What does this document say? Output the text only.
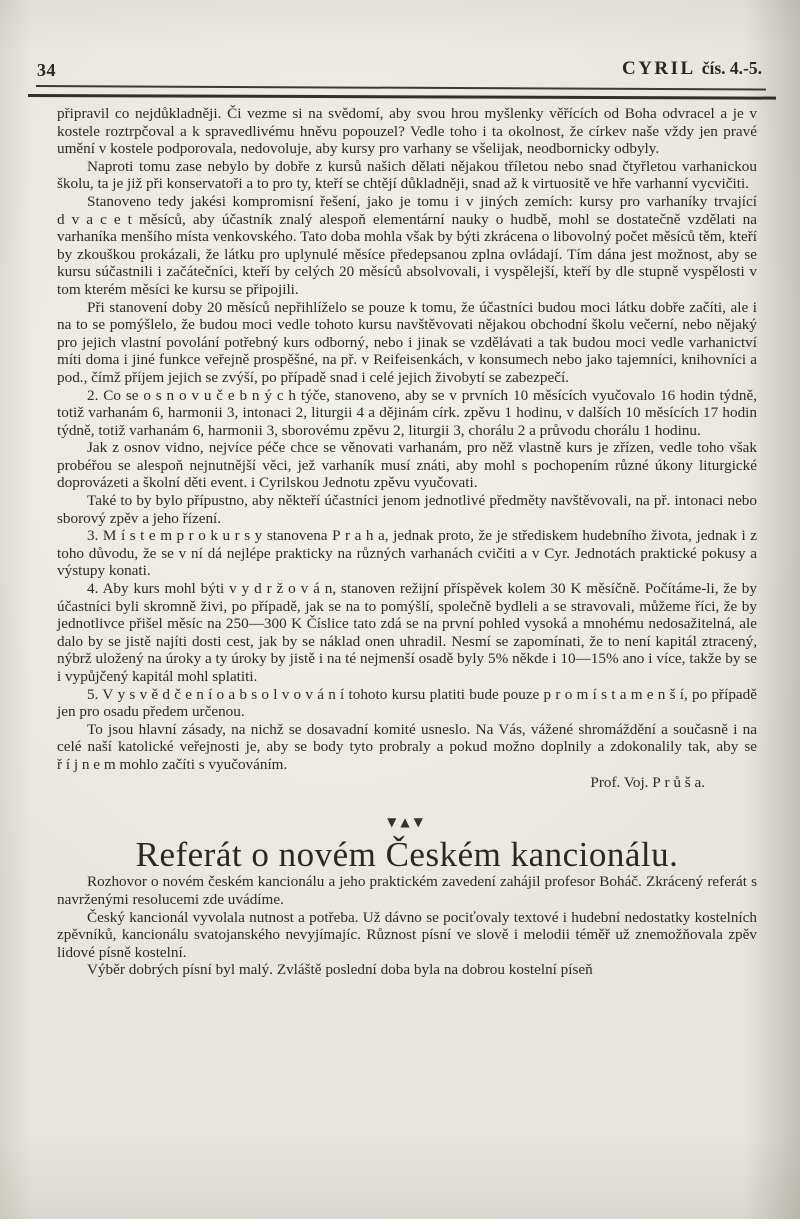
34	CYRIL čís. 4.-5.

připravil co nejdůkladněji. Či vezme si na svědomí, aby svou hrou myšlenky věřících od Boha odvracel a je v kostele roztrpčoval a k spravedlivému hněvu popouzel? Vedle toho i ta okolnost, že církev naše vždy jen pravé umění v kostele podporovala, nedovoluje, aby kursy pro varhany se všelijak, neodbornicky odbyly.

Naproti tomu zase nebylo by dobře z kursů našich dělati nějakou tříletou nebo snad čtyřletou varhanickou školu, ta je již při konservatoři a to pro ty, kteří se chtějí důkladněji, snad až k virtuositě ve hře varhanní vycvičiti.

Stanoveno tedy jakési kompromisní řešení, jako je tomu i v jiných zemích: kursy pro varhaníky trvající d v a c e t měsíců, aby účastník znalý alespoň elementární nauky o hudbě, mohl se dostatečně vzdělati na varhaníka menšího místa venkovského. Tato doba mohla však by býti zkrácena o libovolný počet měsíců těm, kteří by zkouškou prokázali, že látku pro uplynulé měsíce předepsanou zplna ovládají. Tím dána jest možnost, aby se kursu súčastnili i začátečníci, kteří by celých 20 měsíců absolvovali, i vyspělejší, kteří by dle stupně vyspělosti v tom kterém měsíci ke kursu se připojili.

Při stanovení doby 20 měsíců nepřihlíželo se pouze k tomu, že účastníci budou moci látku dobře začíti, ale i na to se pomýšlelo, že budou moci vedle tohoto kursu navštěvovati nějakou obchodní školu večerní, nebo nějaký pro jejich vlastní povolání potřebný kurs odborný, nebo i jinak se vzdělávati a tak budou moci vedle varhanictví míti doma i jiné funkce veřejně prospěšné, na př. v Reifeisenkách, v konsumech nebo jako tajemníci, knihovníci a pod., čímž příjem jejich se zvýší, po případě snad i celé jejich živobytí se zabezpečí.

2. Co se o s n o v u č e b n ý c h týče, stanoveno, aby se v prvních 10 měsících vyučovalo 16 hodin týdně, totiž varhanám 6, harmonii 3, intonaci 2, liturgii 4 a dějinám círk. zpěvu 1 hodinu, v dalších 10 měsících 17 hodin týdně, totiž varhanám 6, harmonii 3, sborovému zpěvu 2, liturgii 3, chorálu 2 a průvodu chorálu 1 hodinu.

Jak z osnov vidno, nejvíce péče chce se věnovati varhanám, pro něž vlastně kurs je zřízen, vedle toho však probéřou se alespoň nejnutnější věci, jež varhaník musí znáti, aby mohl s pochopením různé úkony liturgické doprovázeti a školní děti event. i Cyrilskou Jednotu zpěvu vyučovati.

Také to by bylo přípustno, aby někteří účastníci jenom jednotlivé předměty navštěvovali, na př. intonaci nebo sborový zpěv a jeho řízení.

3. M í s t e m p r o k u r s y stanovena P r a h a, jednak proto, že je střediskem hudebního života, jednak i z toho důvodu, že se v ní dá nejlépe prakticky na různých varhanách cvičiti a v Cyr. Jednotách praktické pokusy a výstupy konati.

4. Aby kurs mohl býti v y d r ž o v á n, stanoven režijní příspěvek kolem 30 K měsíčně. Počítáme-li, že by účastníci byli skromně živi, po případě, jak se na to pomýšlí, společně bydleli a se stravovali, můžeme říci, že by jednotlivce přišel měsíc na 250—300 K Číslice tato zdá se na první pohled vysoká a mnohému nedosažitelná, ale dalo by se jistě najíti dosti cest, jak by se náklad onen uhradil. Nesmí se zapomínati, že to není kapitál ztracený, nýbrž uložený na úroky a ty úroky by jistě i na té nejmenší osadě byly 5% někde i 10—15% ano i více, takže by se i vypůjčený kapitál mohl splatiti.

5. V y s v ě d č e n í o a b s o l v o v á n í tohoto kursu platiti bude pouze p r o m í s t a m e n š í, po případě jen pro osadu předem určenou.

To jsou hlavní zásady, na nichž se dosavadní komité usneslo. Na Vás, vážené shromáždění a současně i na celé naší katolické veřejnosti je, aby se body tyto probraly a pokud možno doplnily a zdokonalily tak, aby se ř í j n e m mohlo začíti s vyučováním.

Prof. Voj. P r ů š a.

▼▲▼
Referát o novém Českém kancionálu.

Rozhovor o novém českém kancionálu a jeho praktickém zavedení zahájil profesor Boháč. Zkrácený referát s navrženými resolucemi zde uvádíme.

Český kancionál vyvolala nutnost a potřeba. Už dávno se pociťovaly textové i hudební nedostatky kostelních zpěvníků, kancionálu svatojanského nevyjímajíc. Různost písní ve slově i melodii téměř už znemožňovala zpěv lidové písně kostelní.

Výběr dobrých písní byl malý. Zvláště poslední doba byla na dobrou kostelní píseň
